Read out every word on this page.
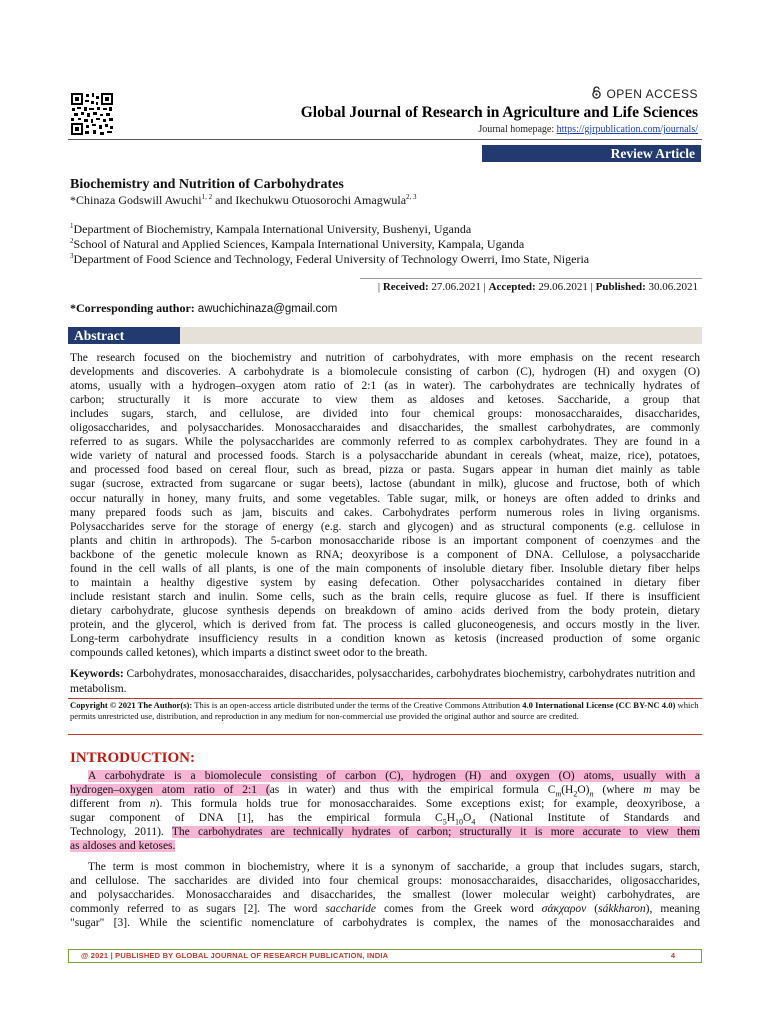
OPEN ACCESS
Global Journal of Research in Agriculture and Life Sciences
Journal homepage: https://gjrpublication.com/journals/
Review Article
Biochemistry and Nutrition of Carbohydrates
*Chinaza Godswill Awuchi$^{1, 2}$ and Ikechukwu Otuosorochi Amagwula$^{2, 3}$
$^1$Department of Biochemistry, Kampala International University, Bushenyi, Uganda
$^2$School of Natural and Applied Sciences, Kampala International University, Kampala, Uganda
$^3$Department of Food Science and Technology, Federal University of Technology Owerri, Imo State, Nigeria
| Received: 27.06.2021 | Accepted: 29.06.2021 | Published: 30.06.2021
*Corresponding author: awuchichinaza@gmail.com
Abstract
The research focused on the biochemistry and nutrition of carbohydrates, with more emphasis on the recent research
developments and discoveries. A carbohydrate is a biomolecule consisting of carbon (C), hydrogen (H) and oxygen (O)
atoms, usually with a hydrogen–oxygen atom ratio of 2:1 (as in water). The carbohydrates are technically hydrates of
carbon; structurally it is more accurate to view them as aldoses and ketoses. Saccharide, a group that
includes sugars, starch, and cellulose, are divided into four chemical groups: monosaccharaides, disaccharides,
oligosaccharides, and polysaccharides. Monosaccharaides and disaccharides, the smallest carbohydrates, are commonly
referred to as sugars. While the polysaccharides are commonly referred to as complex carbohydrates. They are found in a
wide variety of natural and processed foods. Starch is a polysaccharide abundant in cereals (wheat, maize, rice), potatoes,
and processed food based on cereal flour, such as bread, pizza or pasta. Sugars appear in human diet mainly as table
sugar (sucrose, extracted from sugarcane or sugar beets), lactose (abundant in milk), glucose and fructose, both of which
occur naturally in honey, many fruits, and some vegetables. Table sugar, milk, or honeys are often added to drinks and
many prepared foods such as jam, biscuits and cakes. Carbohydrates perform numerous roles in living organisms.
Polysaccharides serve for the storage of energy (e.g. starch and glycogen) and as structural components (e.g. cellulose in
plants and chitin in arthropods). The 5-carbon monosaccharide ribose is an important component of coenzymes and the
backbone of the genetic molecule known as RNA; deoxyribose is a component of DNA. Cellulose, a polysaccharide
found in the cell walls of all plants, is one of the main components of insoluble dietary fiber. Insoluble dietary fiber helps
to maintain a healthy digestive system by easing defecation. Other polysaccharides contained in dietary fiber
include resistant starch and inulin. Some cells, such as the brain cells, require glucose as fuel. If there is insufficient
dietary carbohydrate, glucose synthesis depends on breakdown of amino acids derived from the body protein, dietary
protein, and the glycerol, which is derived from fat. The process is called gluconeogenesis, and occurs mostly in the liver.
Long-term carbohydrate insufficiency results in a condition known as ketosis (increased production of some organic
compounds called ketones), which imparts a distinct sweet odor to the breath.
Keywords: Carbohydrates, monosaccharaides, disaccharides, polysaccharides, carbohydrates biochemistry, carbohydrates nutrition and metabolism.
Copyright © 2021 The Author(s): This is an open-access article distributed under the terms of the Creative Commons Attribution 4.0 International License (CC BY-NC 4.0) which permits unrestricted use, distribution, and reproduction in any medium for non-commercial use provided the original author and source are credited.
INTRODUCTION:
A carbohydrate is a biomolecule consisting of carbon (C), hydrogen (H) and oxygen (O) atoms, usually with a
hydrogen–oxygen atom ratio of 2:1 (as in water) and thus with the empirical formula $C_m(H_2O)_n$ (where m may be
different from n). This formula holds true for monosaccharaides. Some exceptions exist; for example, deoxyribose, a
sugar component of DNA [1], has the empirical formula $C_5H_{10}O_4$ (National Institute of Standards and
Technology, 2011). The carbohydrates are technically hydrates of carbon; structurally it is more accurate to view them
as aldoses and ketoses.
The term is most common in biochemistry, where it is a synonym of saccharide, a group that includes sugars, starch,
and cellulose. The saccharides are divided into four chemical groups: monosaccharaides, disaccharides, oligosaccharides,
and polysaccharides. Monosaccharaides and disaccharides, the smallest (lower molecular weight) carbohydrates, are
commonly referred to as sugars [2]. The word saccharide comes from the Greek word σάκχαρον (sákkharon), meaning
"sugar" [3]. While the scientific nomenclature of carbohydrates is complex, the names of the monosaccharaides and
@ 2021 | PUBLISHED BY GLOBAL JOURNAL OF RESEARCH PUBLICATION, INDIA	4
